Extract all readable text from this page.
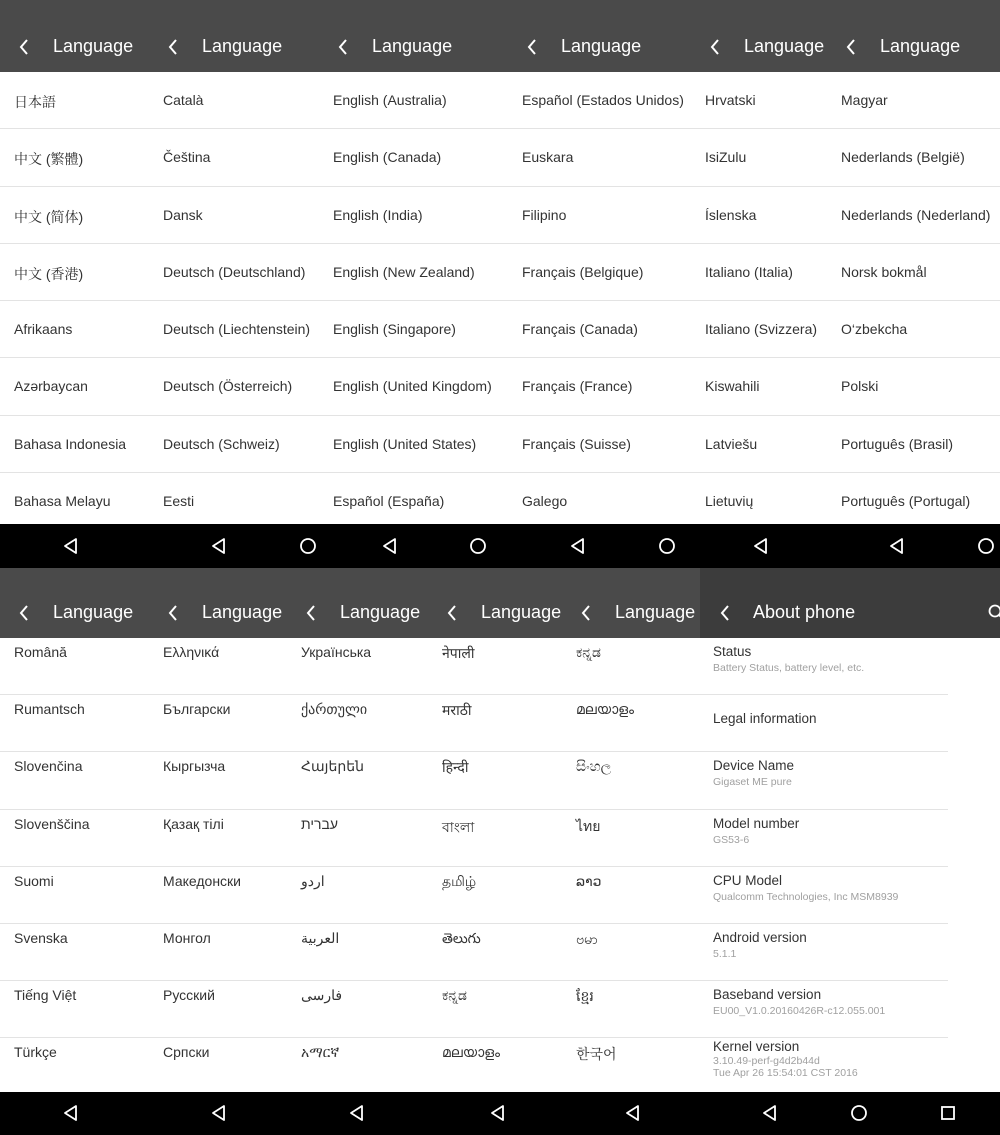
Language
日本語
中文 (繁體)
中文 (简体)
中文 (香港)
Afrikaans
Azərbaycan
Bahasa Indonesia
Bahasa Melayu
Language
Català
Čeština
Dansk
Deutsch (Deutschland)
Deutsch (Liechtenstein)
Deutsch (Österreich)
Deutsch (Schweiz)
Eesti
Language
English (Australia)
English (Canada)
English (India)
English (New Zealand)
English (Singapore)
English (United Kingdom)
English (United States)
Español (España)
Language
Español (Estados Unidos)
Euskara
Filipino
Français (Belgique)
Français (Canada)
Français (France)
Français (Suisse)
Galego
Language
Hrvatski
IsiZulu
Íslenska
Italiano (Italia)
Italiano (Svizzera)
Kiswahili
Latviešu
Lietuvių
Language
Magyar
Nederlands (België)
Nederlands (Nederland)
Norsk bokmål
O‘zbekcha
Polski
Português (Brasil)
Português (Portugal)
Language
Română
Rumantsch
Slovenčina
Slovenščina
Suomi
Svenska
Tiếng Việt
Türkçe
Language
Ελληνικά
Български
Кыргызча
Қазақ тілі
Македонски
Монгол
Русский
Српски
Language
Українська
ქართული
Հայերեն
עברית
اردو
العربية
فارسی
አማርኛ
Language
नेपाली
मराठी
हिन्दी
বাংলা
தமிழ்
తెలుగు
ಕನ್ನಡ
മലയാളം
Language
ಕನ್ನಡ
മലയാളം
සිංහල
ไทย
ລາວ
ဗမာ
ខ្មែរ
한국어
About phone
Status
Battery Status, battery level, etc.
Legal information
Device Name
Gigaset ME pure
Model number
GS53-6
CPU Model
Qualcomm Technologies, Inc MSM8939
Android version
5.1.1
Baseband version
EU00_V1.0.20160426R-c12.055.001
Kernel version
3.10.49-perf-g4d2b44d
Tue Apr 26 15:54:01 CST 2016
